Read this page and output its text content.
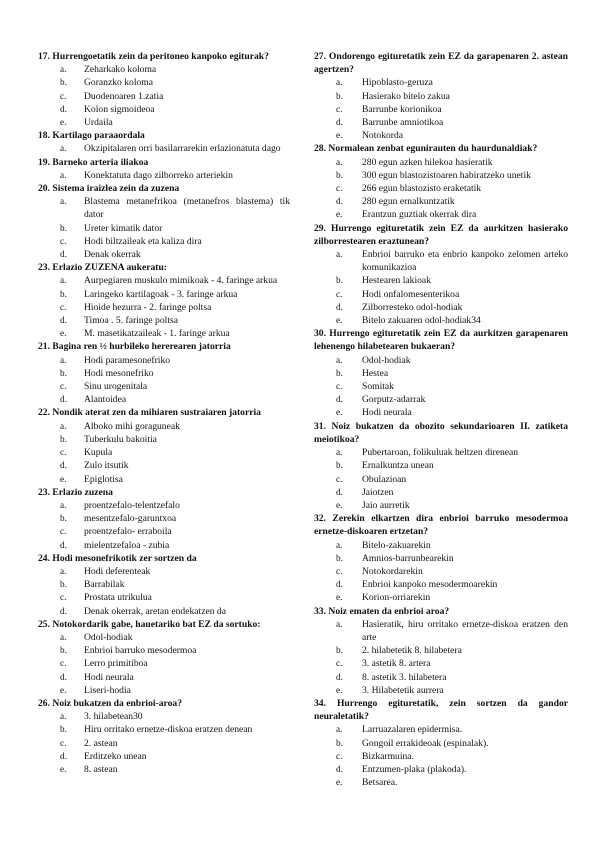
17. Hurrengoetatik zein da peritoneo kanpoko egiturak?
a. Zeharkako koloma
b. Goranzko koloma
c. Duodenoaren 1.zatia
d. Kolon sigmoideoa
e. Urdaila
18. Kartilago paraaordala
a. Okzipitalaren orri basilarrarekin erlazionatuta dago
19. Barneko arteria iliakoa
a. Konektatuta dago zilborreko arteriekin
20. Sistema iraizlea zein da zuzena
a. Blastema metanefrikoa (metanefros blastema) tik dator
b. Ureter kimatik dator
c. Hodi biltzaileak eta kaliza dira
d. Denak okerrak
23. Erlazio ZUZENA aukeratu:
a. Aurpegiaren muskulo mimikoak - 4. faringe arkua
b. Laringeko kartilagoak - 3. faringe arkua
c. Hioide hezurra - 2. faringe poltsa
d. Timoa . 5. faringe poltsa
e. M. masetikatzaileak - 1. faringe arkua
21. Bagina ren ½ hurbileko hererearen jatorria
a. Hodi paramesonefriko
b. Hodi mesonefriko
c. Sinu urogenitala
d. Alantoidea
22. Nondik aterat zen da mihiaren sustraiaren jatorria
a. Alboko mihi goraguneak
b. Tuberkulu bakoitia
c. Kupula
d. Zulo itsutik
e. Epiglotisa
23. Erlazio zuzena
a. proentzefalo-telentzefalo
b. mesentzefalo-garuntxoa
c. proentzefalo- erraboila
d. mielentzefaloa - zubia
24. Hodi mesonefrikotik zer sortzen da
a. Hodi deferenteak
b. Barrabilak
c. Prostata utrikulua
d. Denak okerrak, aretan endekatzen da
25. Notokordarik gabe, hauetariko bat EZ da sortuko:
a. Odol-hodiak
b. Enbrioi barruko mesodermoa
c. Lerro primitiboa
d. Hodi neurala
e. Liseri-hodia
26. Noiz bukatzen da enbrioi-aroa?
a. 3. hilabetean30
b. Hiru orritako ernetze-diskoa eratzen denean
c. 2. astean
d. Erditzeko unean
e. 8. astean
27. Ondorengo egituretatik zein EZ da garapenaren 2. astean agertzen?
a. Hipoblasto-geruza
b. Hasierako bitelo zakua
c. Barrunbe korionikoa
d. Barrunbe amniotikoa
e. Notokorda
28. Normalean zenbat egunirauten du haurdunaldiak?
a. 280 egun azken hilekoa hasieratik
b. 300 egun blastozistoaren habiratzeko unetik
c. 266 egun blastozisto eraketatik
d. 280 egun ernalkuntzatik
e. Erantzun guztiak okerrak dira
29. Hurrengo egituretatik zein EZ da aurkitzen hasierako zilborrestearen eraztunean?
a. Enbrioi barruko eta enbrio kanpoko zelomen arteko komunikazioa
b. Hestearen lakioak
c. Hodi onfalomesenterikoa
d. Zilborresteko odol-hodiak
e. Bitelo zakuaren odol-hodiak34
30. Hurrengo egituretatik zein EZ da aurkitzen garapenaren lehenengo hilabetearen bukaeran?
a. Odol-hodiak
b. Hestea
c. Somitak
d. Gorputz-adarrak
e. Hodi neurala
31. Noiz bukatzen da obozito sekundarioaren II. zatiketa meiotikoa?
a. Pubertaroan, folikuluak heltzen direnean
b. Ernalkuntza unean
c. Obulazioan
d. Jaiotzen
e. Jaio aurretik
32. Zerekin elkartzen dira enbrioi barruko mesodermoa ernetze-diskoaren ertzetan?
a. Bitelo-zakuarekin
b. Amnios-barrunbearekin
c. Notokordarekin
d. Enbrioi kanpoko mesodermoarekin
e. Korion-orriarekin
33. Noiz ematen da enbrioi aroa?
a. Hasieratik, hiru orritako ernetze-diskoa eratzen den arte
b. 2. hilabetetik 8. hilabetera
c. 3. astetik 8. artera
d. 8. astetik 3. hilabetera
e. 3. Hilabetetik aurrera
34. Hurrengo egituretatik, zein sortzen da gandor neuraletatik?
a. Larruazalaren epidermisa.
b. Gongoil errakideoak (espinalak).
c. Bizkarmuina.
d. Entzumen-plaka (plakoda).
e. Betsarea.
